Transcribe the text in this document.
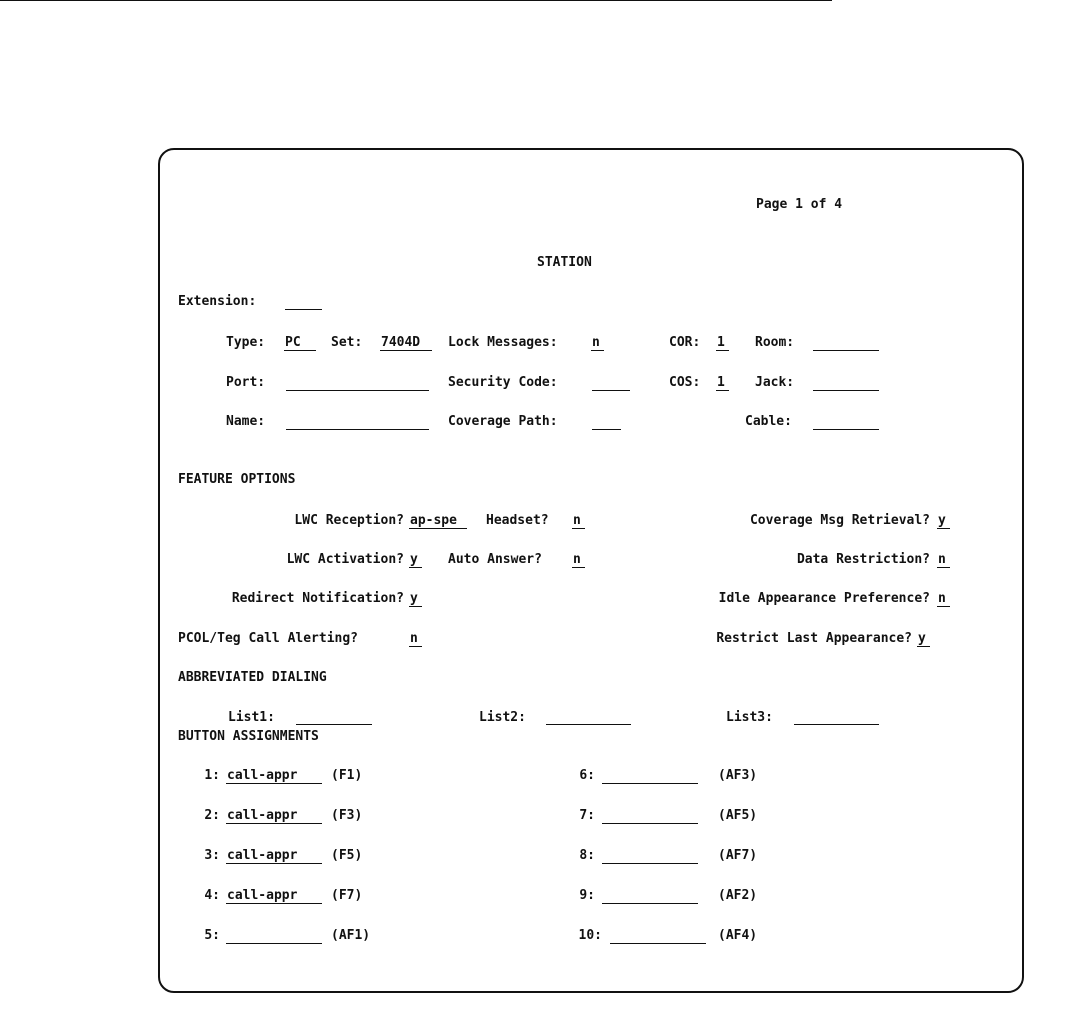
Page 1 of 4
STATION
Extension:
Type: PC	Set: 7404D	Lock Messages:	n	COR: 1	Room:
Port:	Security Code:	COS: 1	Jack:
Name:	Coverage Path:	Cable:
FEATURE OPTIONS
LWC Reception? ap-spe	Headset? n	Coverage Msg Retrieval? y
LWC Activation? y	Auto Answer? n	Data Restriction? n
Redirect Notification? y	Idle Appearance Preference? n
PCOL/Teg Call Alerting?	n	Restrict Last Appearance? y
ABBREVIATED DIALING
List1:	List2:	List3:
BUTTON ASSIGNMENTS
1: call-appr	(F1)
2: call-appr	(F3)
3: call-appr	(F5)
4: call-appr	(F7)
5:	(AF1)
6:	(AF3)
7:	(AF5)
8:	(AF7)
9:	(AF2)
10:	(AF4)
